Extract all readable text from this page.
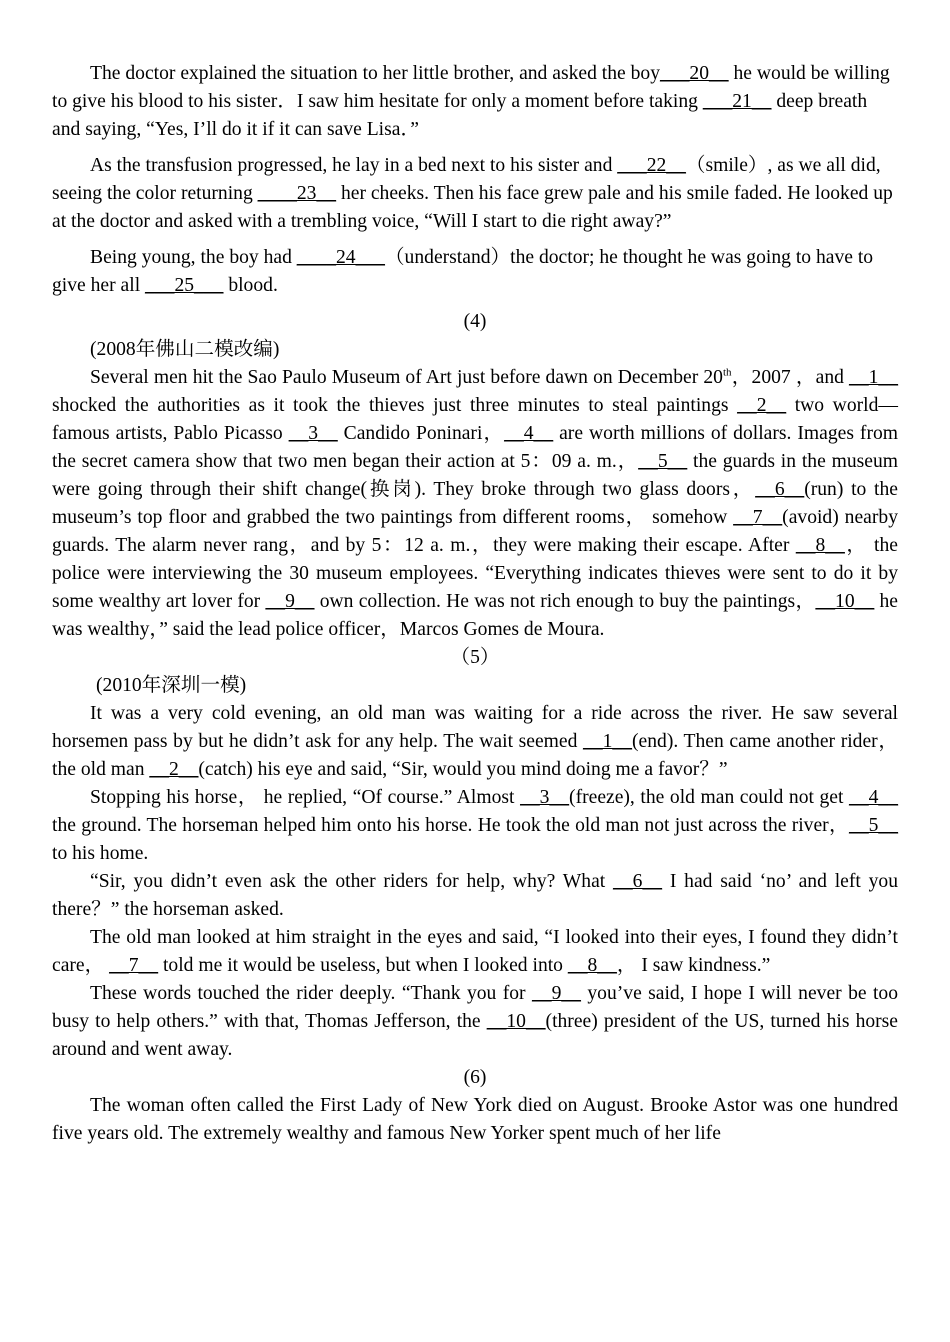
The doctor explained the situation to her little brother, and asked the boy___20__ he would be willing to give his blood to his sister．I saw him hesitate for only a moment before taking ___21__ deep breath and saying, “Yes, I’ll do it if it can save Lisa．”

As the transfusion progressed, he lay in a bed next to his sister and ___22__（smile）, as we all did, seeing the color returning ____23__ her cheeks. Then his face grew pale and his smile faded. He looked up at the doctor and asked with a trembling voice, “Will I start to die right away?”

Being young, the boy had ____24___（understand）the doctor; he thought he was going to have to give her all ___25___ blood.

(4)

(2008年佛山二模改编)

Several men hit the Sao Paulo Museum of Art just before dawn on December 20th，2007 ，and __1__ shocked the authorities as it took the thieves just three minutes to steal paintings __2__ two world— famous artists, Pablo Picasso __3__ Candido Poninari，__4__ are worth millions of dollars. Images from the secret camera show that two men began their action at 5：09 a. m.，__5__ the guards in the museum were going through their shift change(换岗). They broke through two glass doors，__6__(run) to the museum’s top floor and grabbed the two paintings from different rooms， somehow __7__(avoid) nearby guards. The alarm never rang，and by 5：12 a. m.，they were making their escape. After __8__， the police were interviewing the 30 museum employees. “Everything indicates thieves were sent to do it by some wealthy art lover for __9__ own collection. He was not rich enough to buy the paintings，__10__ he was wealthy，” said the lead police officer，Marcos Gomes de Moura.

（5）

(2010年深圳一模)

It was a very cold evening, an old man was waiting for a ride across the river. He saw several horsemen pass by but he didn’t ask for any help. The wait seemed __1__(end). Then came another rider，the old man __2__(catch) his eye and said, “Sir, would you mind doing me a favor？”

Stopping his horse， he replied, “Of course.” Almost __3__(freeze), the old man could not get __4__ the ground. The horseman helped him onto his horse. He took the old man not just across the river，__5__ to his home.

“Sir, you didn’t even ask the other riders for help, why? What __6__ I had said ‘no’ and left you there？” the horseman asked.

The old man looked at him straight in the eyes and said, “I looked into their eyes, I found they didn’t care， __7__ told me it would be useless, but when I looked into __8__， I saw kindness.”

These words touched the rider deeply. “Thank you for __9__ you’ve said, I hope I will never be too busy to help others.” with that, Thomas Jefferson, the __10__(three) president of the US, turned his horse around and went away.

(6)

The woman often called the First Lady of New York died on August. Brooke Astor was one hundred five years old. The extremely wealthy and famous New Yorker spent much of her life
